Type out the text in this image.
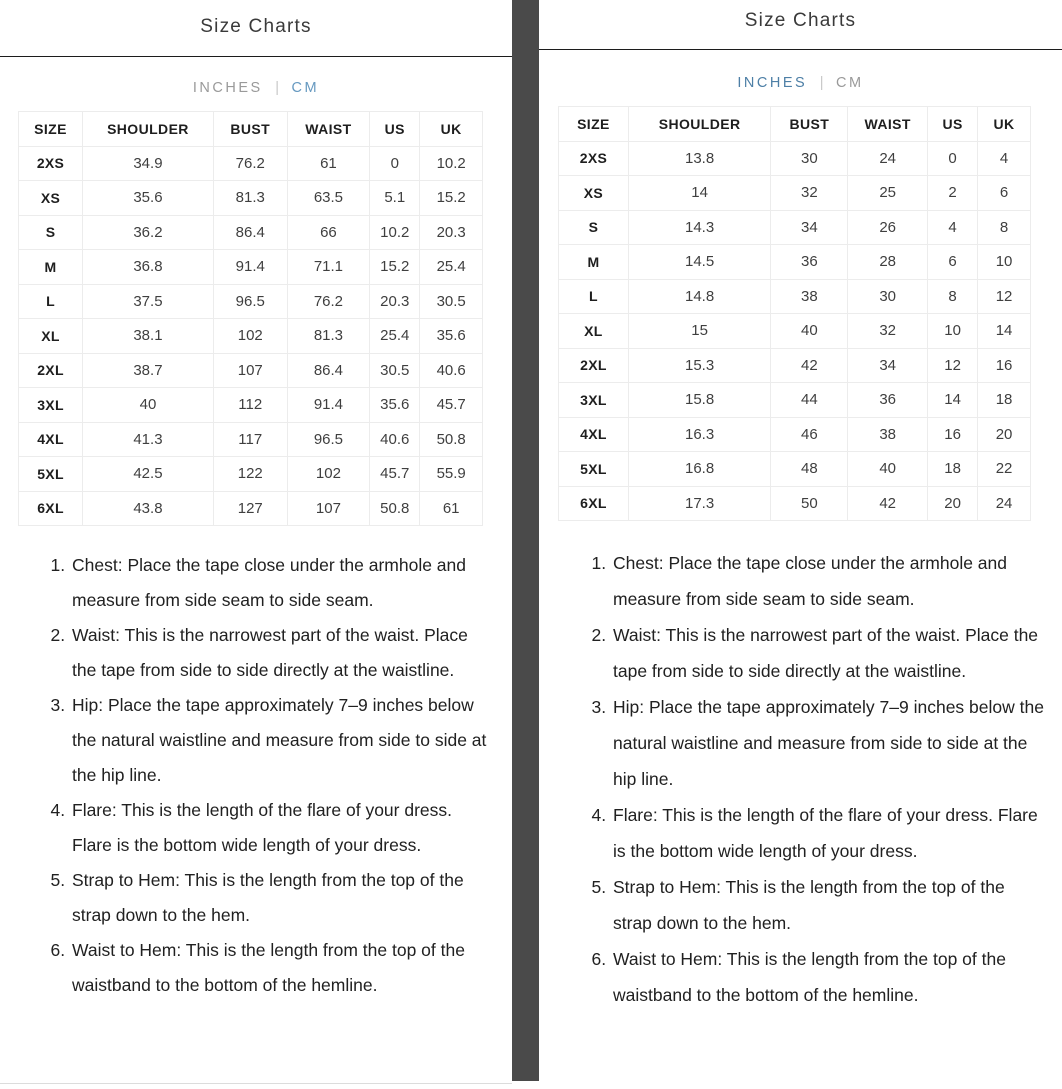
Size Charts
INCHES | CM
SIZE	SHOULDER	BUST	WAIST	US	UK
2XS	34.9	76.2	61	0	10.2
XS	35.6	81.3	63.5	5.1	15.2
S	36.2	86.4	66	10.2	20.3
M	36.8	91.4	71.1	15.2	25.4
L	37.5	96.5	76.2	20.3	30.5
XL	38.1	102	81.3	25.4	35.6
2XL	38.7	107	86.4	30.5	40.6
3XL	40	112	91.4	35.6	45.7
4XL	41.3	117	96.5	40.6	50.8
5XL	42.5	122	102	45.7	55.9
6XL	43.8	127	107	50.8	61
1. Chest: Place the tape close under the armhole and measure from side seam to side seam.
2. Waist: This is the narrowest part of the waist. Place the tape from side to side directly at the waistline.
3. Hip: Place the tape approximately 7–9 inches below the natural waistline and measure from side to side at the hip line.
4. Flare: This is the length of the flare of your dress. Flare is the bottom wide length of your dress.
5. Strap to Hem: This is the length from the top of the strap down to the hem.
6. Waist to Hem: This is the length from the top of the waistband to the bottom of the hemline.
Size Charts
INCHES | CM
SIZE	SHOULDER	BUST	WAIST	US	UK
2XS	13.8	30	24	0	4
XS	14	32	25	2	6
S	14.3	34	26	4	8
M	14.5	36	28	6	10
L	14.8	38	30	8	12
XL	15	40	32	10	14
2XL	15.3	42	34	12	16
3XL	15.8	44	36	14	18
4XL	16.3	46	38	16	20
5XL	16.8	48	40	18	22
6XL	17.3	50	42	20	24
1. Chest: Place the tape close under the armhole and measure from side seam to side seam.
2. Waist: This is the narrowest part of the waist. Place the tape from side to side directly at the waistline.
3. Hip: Place the tape approximately 7–9 inches below the natural waistline and measure from side to side at the hip line.
4. Flare: This is the length of the flare of your dress. Flare is the bottom wide length of your dress.
5. Strap to Hem: This is the length from the top of the strap down to the hem.
6. Waist to Hem: This is the length from the top of the waistband to the bottom of the hemline.
